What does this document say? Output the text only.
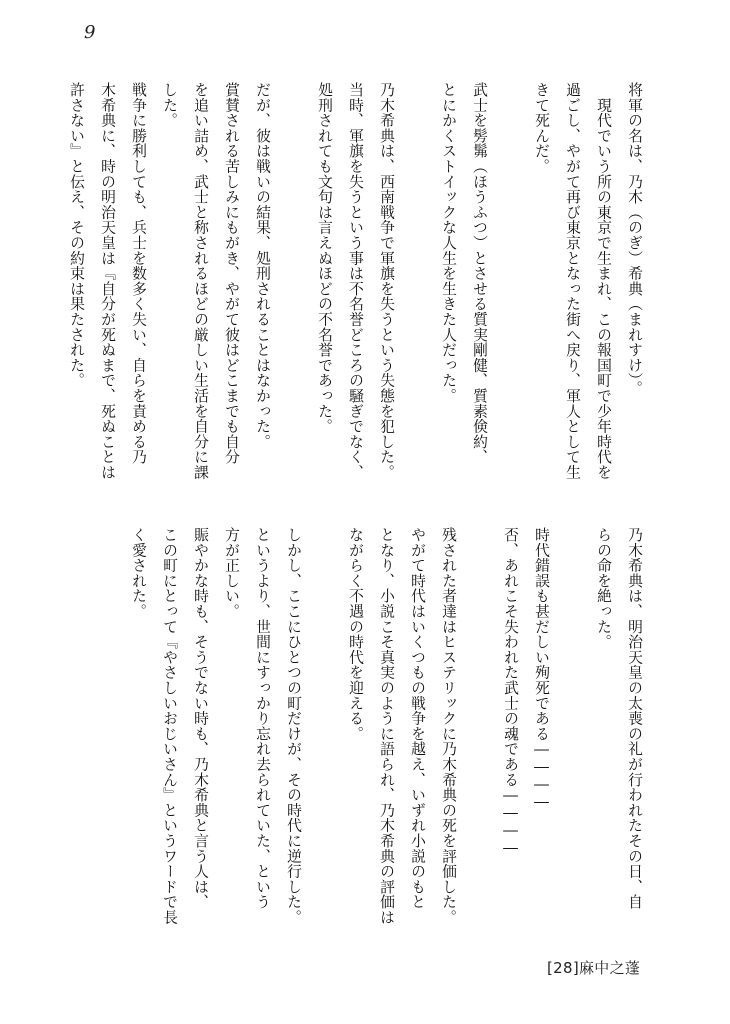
9

将軍の名は、乃木（のぎ）希典（まれすけ）。

　現代でいう所の東京で生まれ、この報国町で少年時代を

過ごし、やがて再び東京となった街へ戻り、軍人として生

きて死んだ。

武士を髣髴（ほうふつ）とさせる質実剛健、質素倹約、

とにかくストイックな人生を生きた人だった。

乃木希典は、西南戦争で軍旗を失うという失態を犯した。

当時、軍旗を失うという事は不名誉どころの騒ぎでなく、

処刑されても文句は言えぬほどの不名誉であった。

だが、彼は戦いの結果、処刑されることはなかった。

賞賛される苦しみにもがき、やがて彼はどこまでも自分

を追い詰め、武士と称されるほどの厳しい生活を自分に課

した。

戦争に勝利しても、兵士を数多く失い、自らを責める乃

木希典に、時の明治天皇は『自分が死ぬまで、死ぬことは

許さない』と伝え、その約束は果たされた。

乃木希典は、明治天皇の太喪の礼が行われたその日、自

らの命を絶った。

時代錯誤も甚だしい殉死である――――

否、あれこそ失われた武士の魂である――――

残された者達はヒステリックに乃木希典の死を評価した。

やがて時代はいくつもの戦争を越え、いずれ小説のもと

となり、小説こそ真実のように語られ、乃木希典の評価は

ながらく不遇の時代を迎える。

しかし、ここにひとつの町だけが、その時代に逆行した。

というより、世間にすっかり忘れ去られていた、という

方が正しい。

賑やかな時も、そうでない時も、乃木希典と言う人は、

この町にとって『やさしいおじいさん』というワードで長

く愛された。

[28]麻中之蓬
